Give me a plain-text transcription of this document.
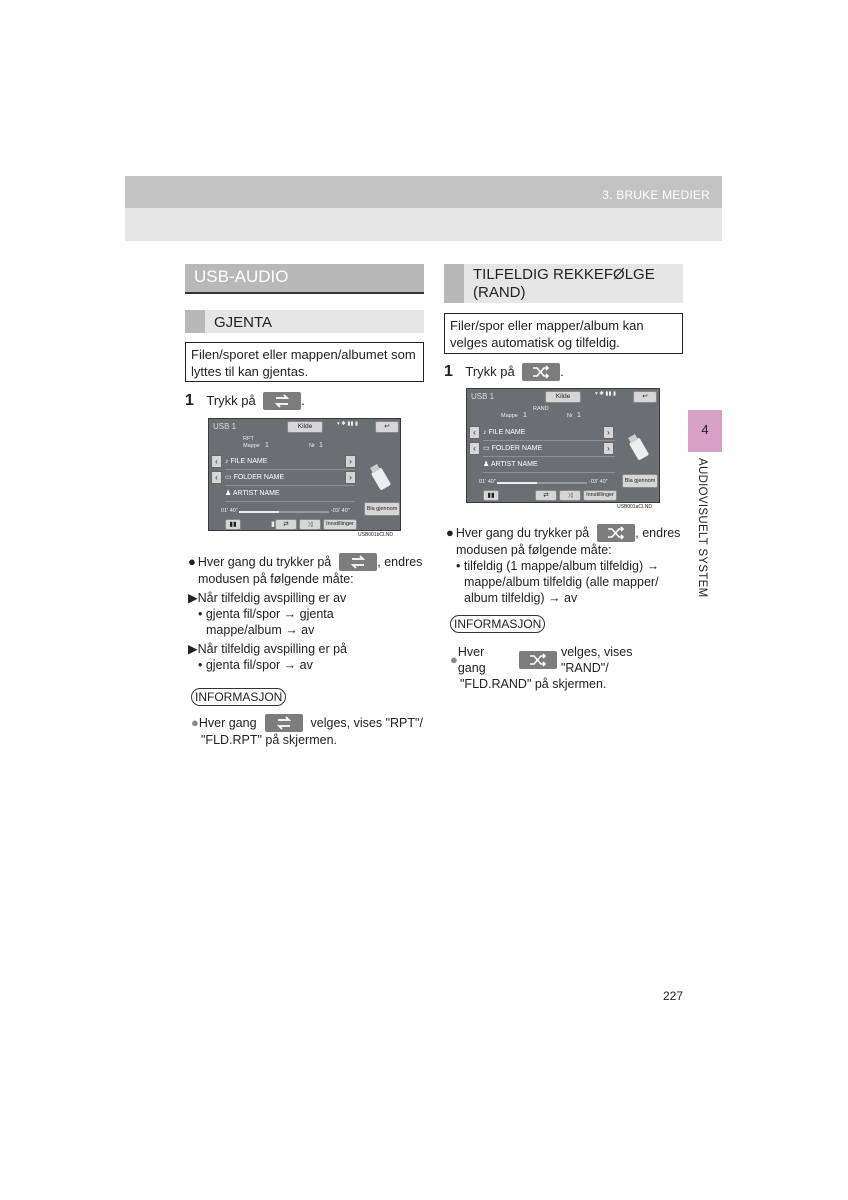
3. BRUKE MEDIER
4
AUDIOVISUELT SYSTEM
USB-AUDIO
GJENTA
Filen/sporet eller mappen/albumet som lyttes til kan gjentas.
1 Trykk på	.
USB 1	Kilde	▾ ✱ ▮▮ ▮	↩
RPT
Mappe 1	Nr 1
‹	♪ FILE NAME	›
‹	▭ FOLDER NAME	›
♟ ARTIST NAME
Bla gjennom
01' 40"	-03' 40"
▮▮	▮	⇄	⤨	Innstillinger
USB001bCLND
● Hver gang du trykker på	, endres
modusen på følgende måte:
▶Når tilfeldig avspilling er av
• gjenta fil/spor → gjenta
mappe/album → av
▶Når tilfeldig avspilling er på
• gjenta fil/spor → av
INFORMASJON
● Hver gang	velges, vises "RPT"/
"FLD.RPT" på skjermen.
TILFELDIG REKKEFØLGE
(RAND)
Filer/spor eller mapper/album kan velges automatisk og tilfeldig.
1 Trykk på	.
USB 1	Kilde	▾ ✱ ▮▮ ▮	↩
RAND
Mappe 1	Nr 1
‹	♪ FILE NAME	›
‹	▭ FOLDER NAME	›
♟ ARTIST NAME
Bla gjennom
01' 40"	-03' 40"
▮▮	⇄	⤨	Innstillinger
USB001aCLND
● Hver gang du trykker på	, endres
modusen på følgende måte:
• tilfeldig (1 mappe/album tilfeldig) →
mappe/album tilfeldig (alle mapper/
album tilfeldig) → av
INFORMASJON
● Hver gang
velges, vises "RAND"/
"FLD.RAND" på skjermen.
227
